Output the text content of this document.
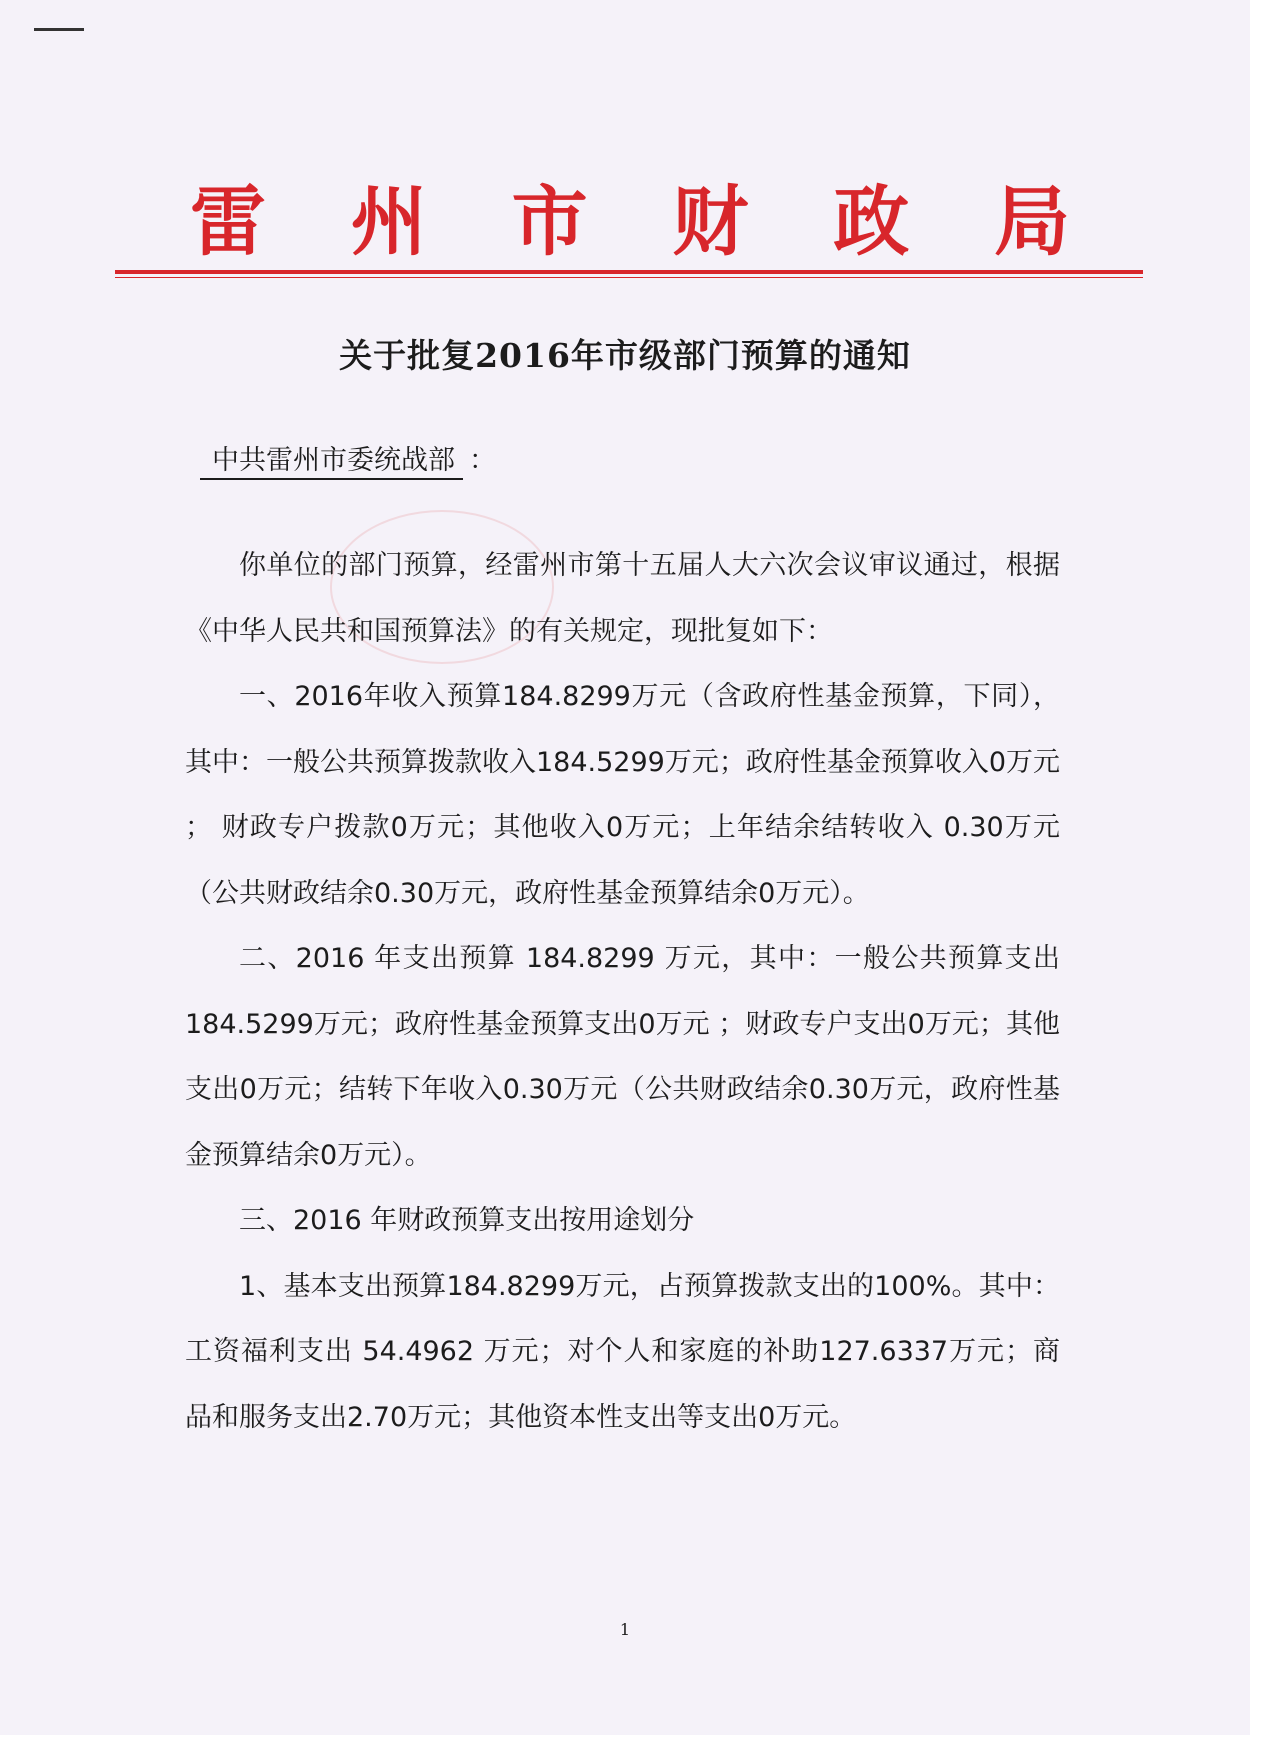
雷 州 市 财 政 局
关于批复2016年市级部门预算的通知
中共雷州市委统战部 ：

你单位的部门预算，经雷州市第十五届人大六次会议审议通过，根据《中华人民共和国预算法》的有关规定，现批复如下：

一、2016年收入预算184.8299万元（含政府性基金预算，下同），其中：一般公共预算拨款收入184.5299万元；政府性基金预算收入0万元 ； 财政专户拨款0万元；其他收入0万元；上年结余结转收入 0.30万元（公共财政结余0.30万元，政府性基金预算结余0万元）。

二、2016 年支出预算 184.8299 万元，其中：一般公共预算支出184.5299万元；政府性基金预算支出0万元 ；财政专户支出0万元；其他支出0万元；结转下年收入0.30万元（公共财政结余0.30万元，政府性基金预算结余0万元）。

三、2016 年财政预算支出按用途划分

1、基本支出预算184.8299万元，占预算拨款支出的100%。其中：工资福利支出 54.4962 万元；对个人和家庭的补助127.6337万元；商品和服务支出2.70万元；其他资本性支出等支出0万元。

1
